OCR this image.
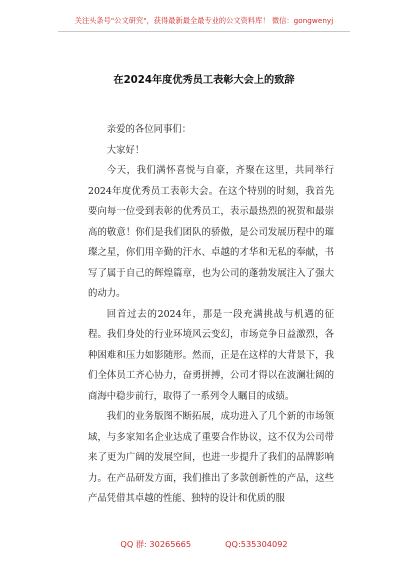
关注头条号"公文研究"，获得最新最全最专业的公文资料库！ 微信：gongwenyj
在2024年度优秀员工表彰大会上的致辞

亲爱的各位同事们：

大家好！

今天，我们满怀喜悦与自豪，齐聚在这里，共同举行2024年度优秀员工表彰大会。在这个特别的时刻，我首先要向每一位受到表彰的优秀员工，表示最热烈的祝贺和最崇高的敬意！你们是我们团队的骄傲，是公司发展历程中的璀璨之星，你们用辛勤的汗水、卓越的才华和无私的奉献，书写了属于自己的辉煌篇章，也为公司的蓬勃发展注入了强大的动力。

回首过去的2024年，那是一段充满挑战与机遇的征程。我们身处的行业环境风云变幻，市场竞争日益激烈，各种困难和压力如影随形。然而，正是在这样的大背景下，我们全体员工齐心协力，奋勇拼搏，公司才得以在波澜壮阔的商海中稳步前行，取得了一系列令人瞩目的成绩。

我们的业务版图不断拓展，成功进入了几个新的市场领域，与多家知名企业达成了重要合作协议，这不仅为公司带来了更为广阔的发展空间，也进一步提升了我们的品牌影响力。在产品研发方面，我们推出了多款创新性的产品，这些产品凭借其卓越的性能、独特的设计和优质的服

QQ 群: 30265665	QQ:535304092
